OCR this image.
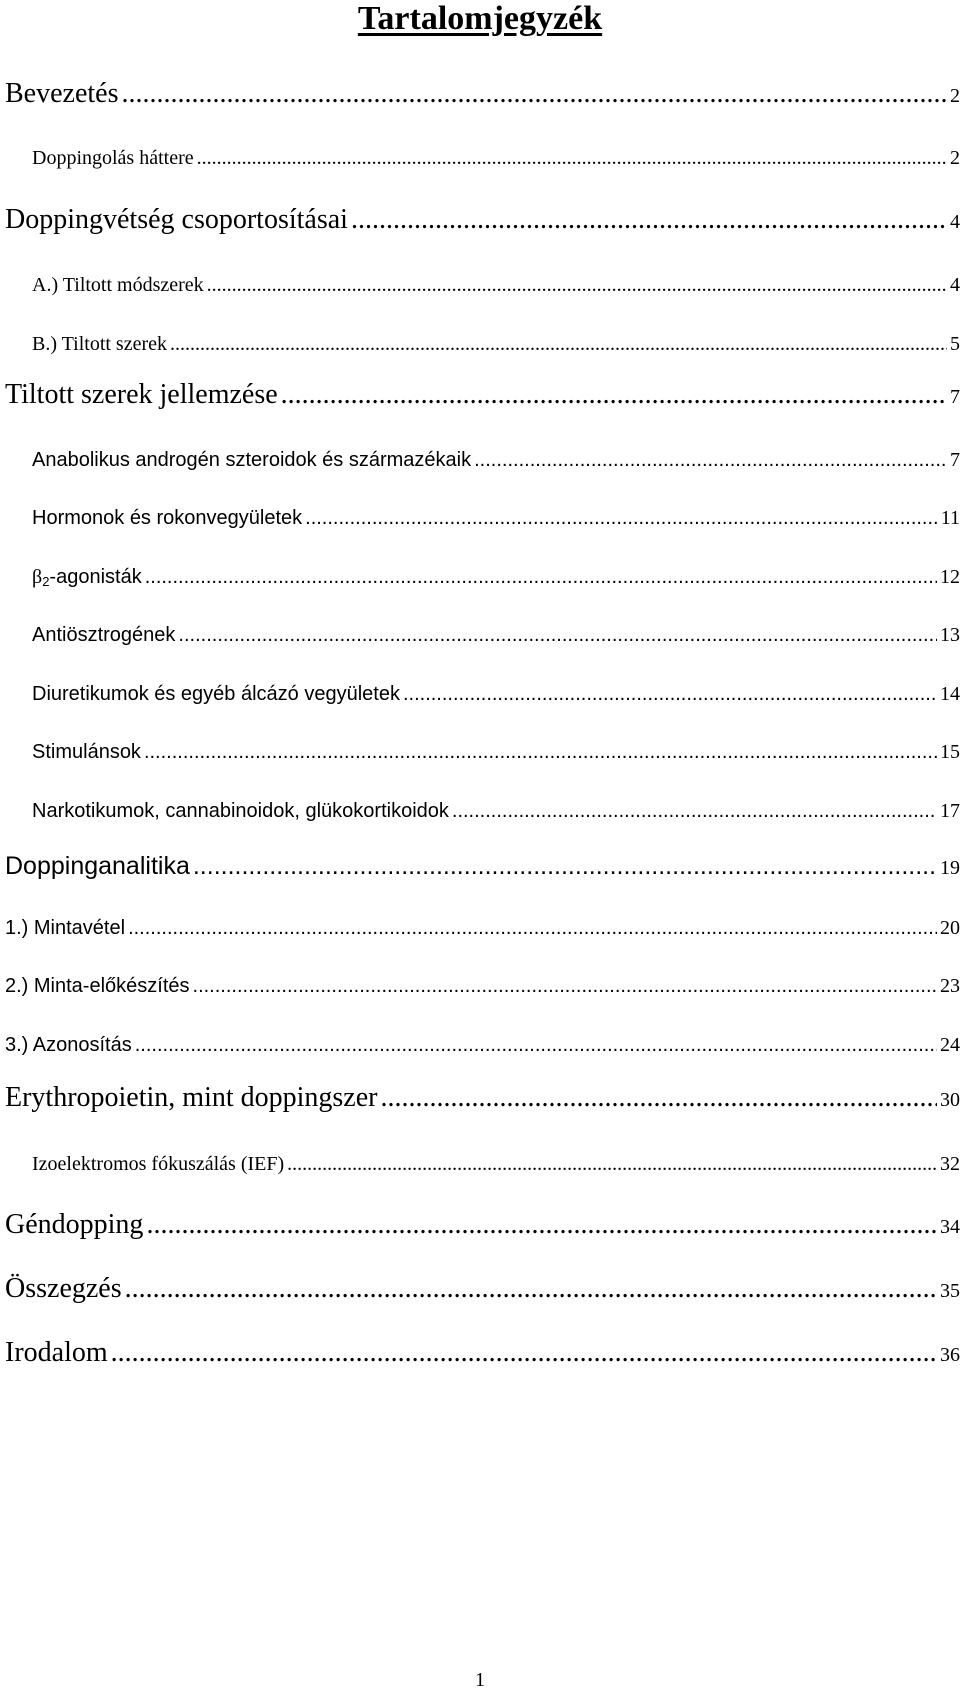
Tartalomjegyzék
Bevezetés .....	2
Doppingolás háttere .....	2
Doppingvétség csoportosításai .....	4
A.) Tiltott módszerek .....	4
B.) Tiltott szerek .....	5
Tiltott szerek jellemzése .....	7
Anabolikus androgén szteroidok és származékaik .....	7
Hormonok és rokonvegyületek .....	11
β2-agonisták .....	12
Antiösztrogének .....	13
Diuretikumok és egyéb álcázó vegyületek .....	14
Stimulánsok .....	15
Narkotikumok, cannabinoidok, glükokortikoidok .....	17
Doppinganalitika .....	19
1.) Mintavétel .....	20
2.) Minta-előkészítés .....	23
3.) Azonosítás .....	24
Erythropoietin, mint doppingszer .....	30
Izoelektromos fókuszálás (IEF) .....	32
Géndopping .....	34
Összegzés .....	35
Irodalom .....	36
1
